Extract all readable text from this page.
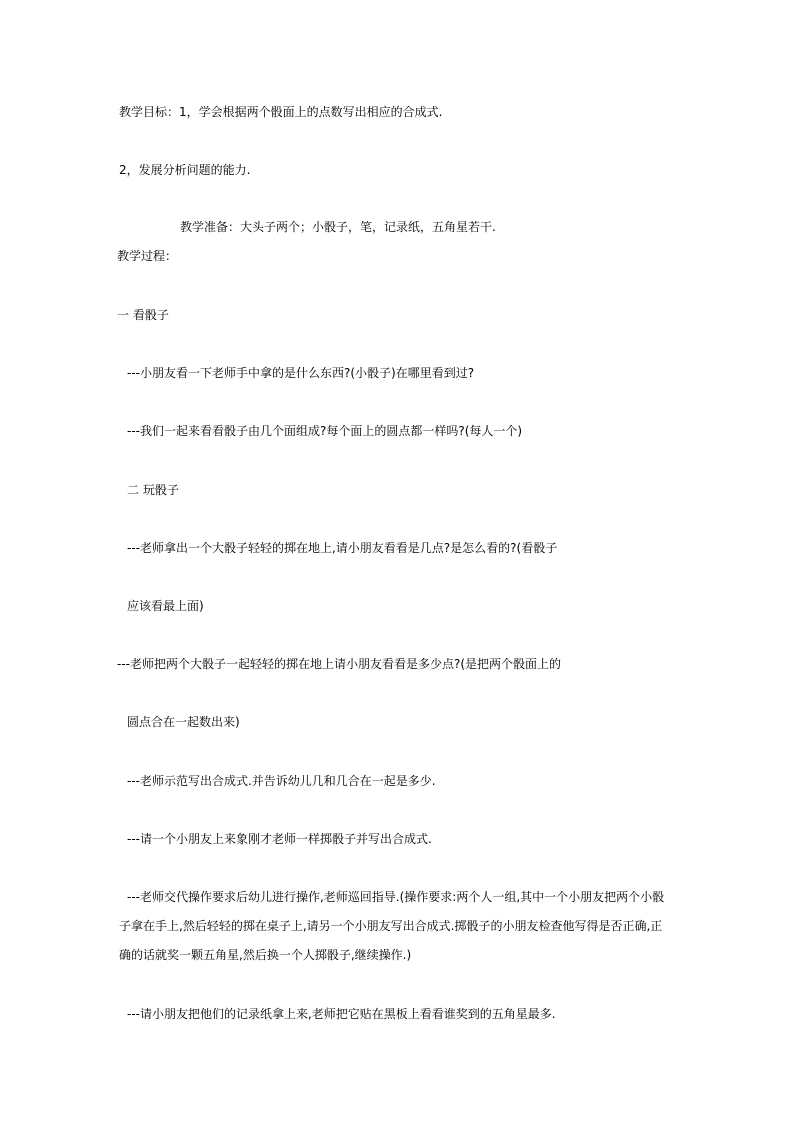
教学目标：1，学会根据两个骰面上的点数写出相应的合成式.
2，发展分析问题的能力.
教学准备：大头子两个；小骰子，笔，记录纸，五角星若干.
教学过程：
一 看骰子
---小朋友看一下老师手中拿的是什么东西?(小骰子)在哪里看到过?
---我们一起来看看骰子由几个面组成?每个面上的圆点都一样吗?(每人一个)
二 玩骰子
---老师拿出一个大骰子轻轻的掷在地上,请小朋友看看是几点?是怎么看的?(看骰子
应该看最上面)
---老师把两个大骰子一起轻轻的掷在地上请小朋友看看是多少点?(是把两个骰面上的
圆点合在一起数出来)
---老师示范写出合成式.并告诉幼儿几和几合在一起是多少.
---请一个小朋友上来象刚才老师一样掷骰子并写出合成式.
---老师交代操作要求后幼儿进行操作,老师巡回指导.(操作要求:两个人一组,其中一个小朋友把两个小骰
子拿在手上,然后轻轻的掷在桌子上,请另一个小朋友写出合成式.掷骰子的小朋友检查他写得是否正确,正
确的话就奖一颗五角星,然后换一个人掷骰子,继续操作.)
---请小朋友把他们的记录纸拿上来,老师把它贴在黑板上看看谁奖到的五角星最多.
